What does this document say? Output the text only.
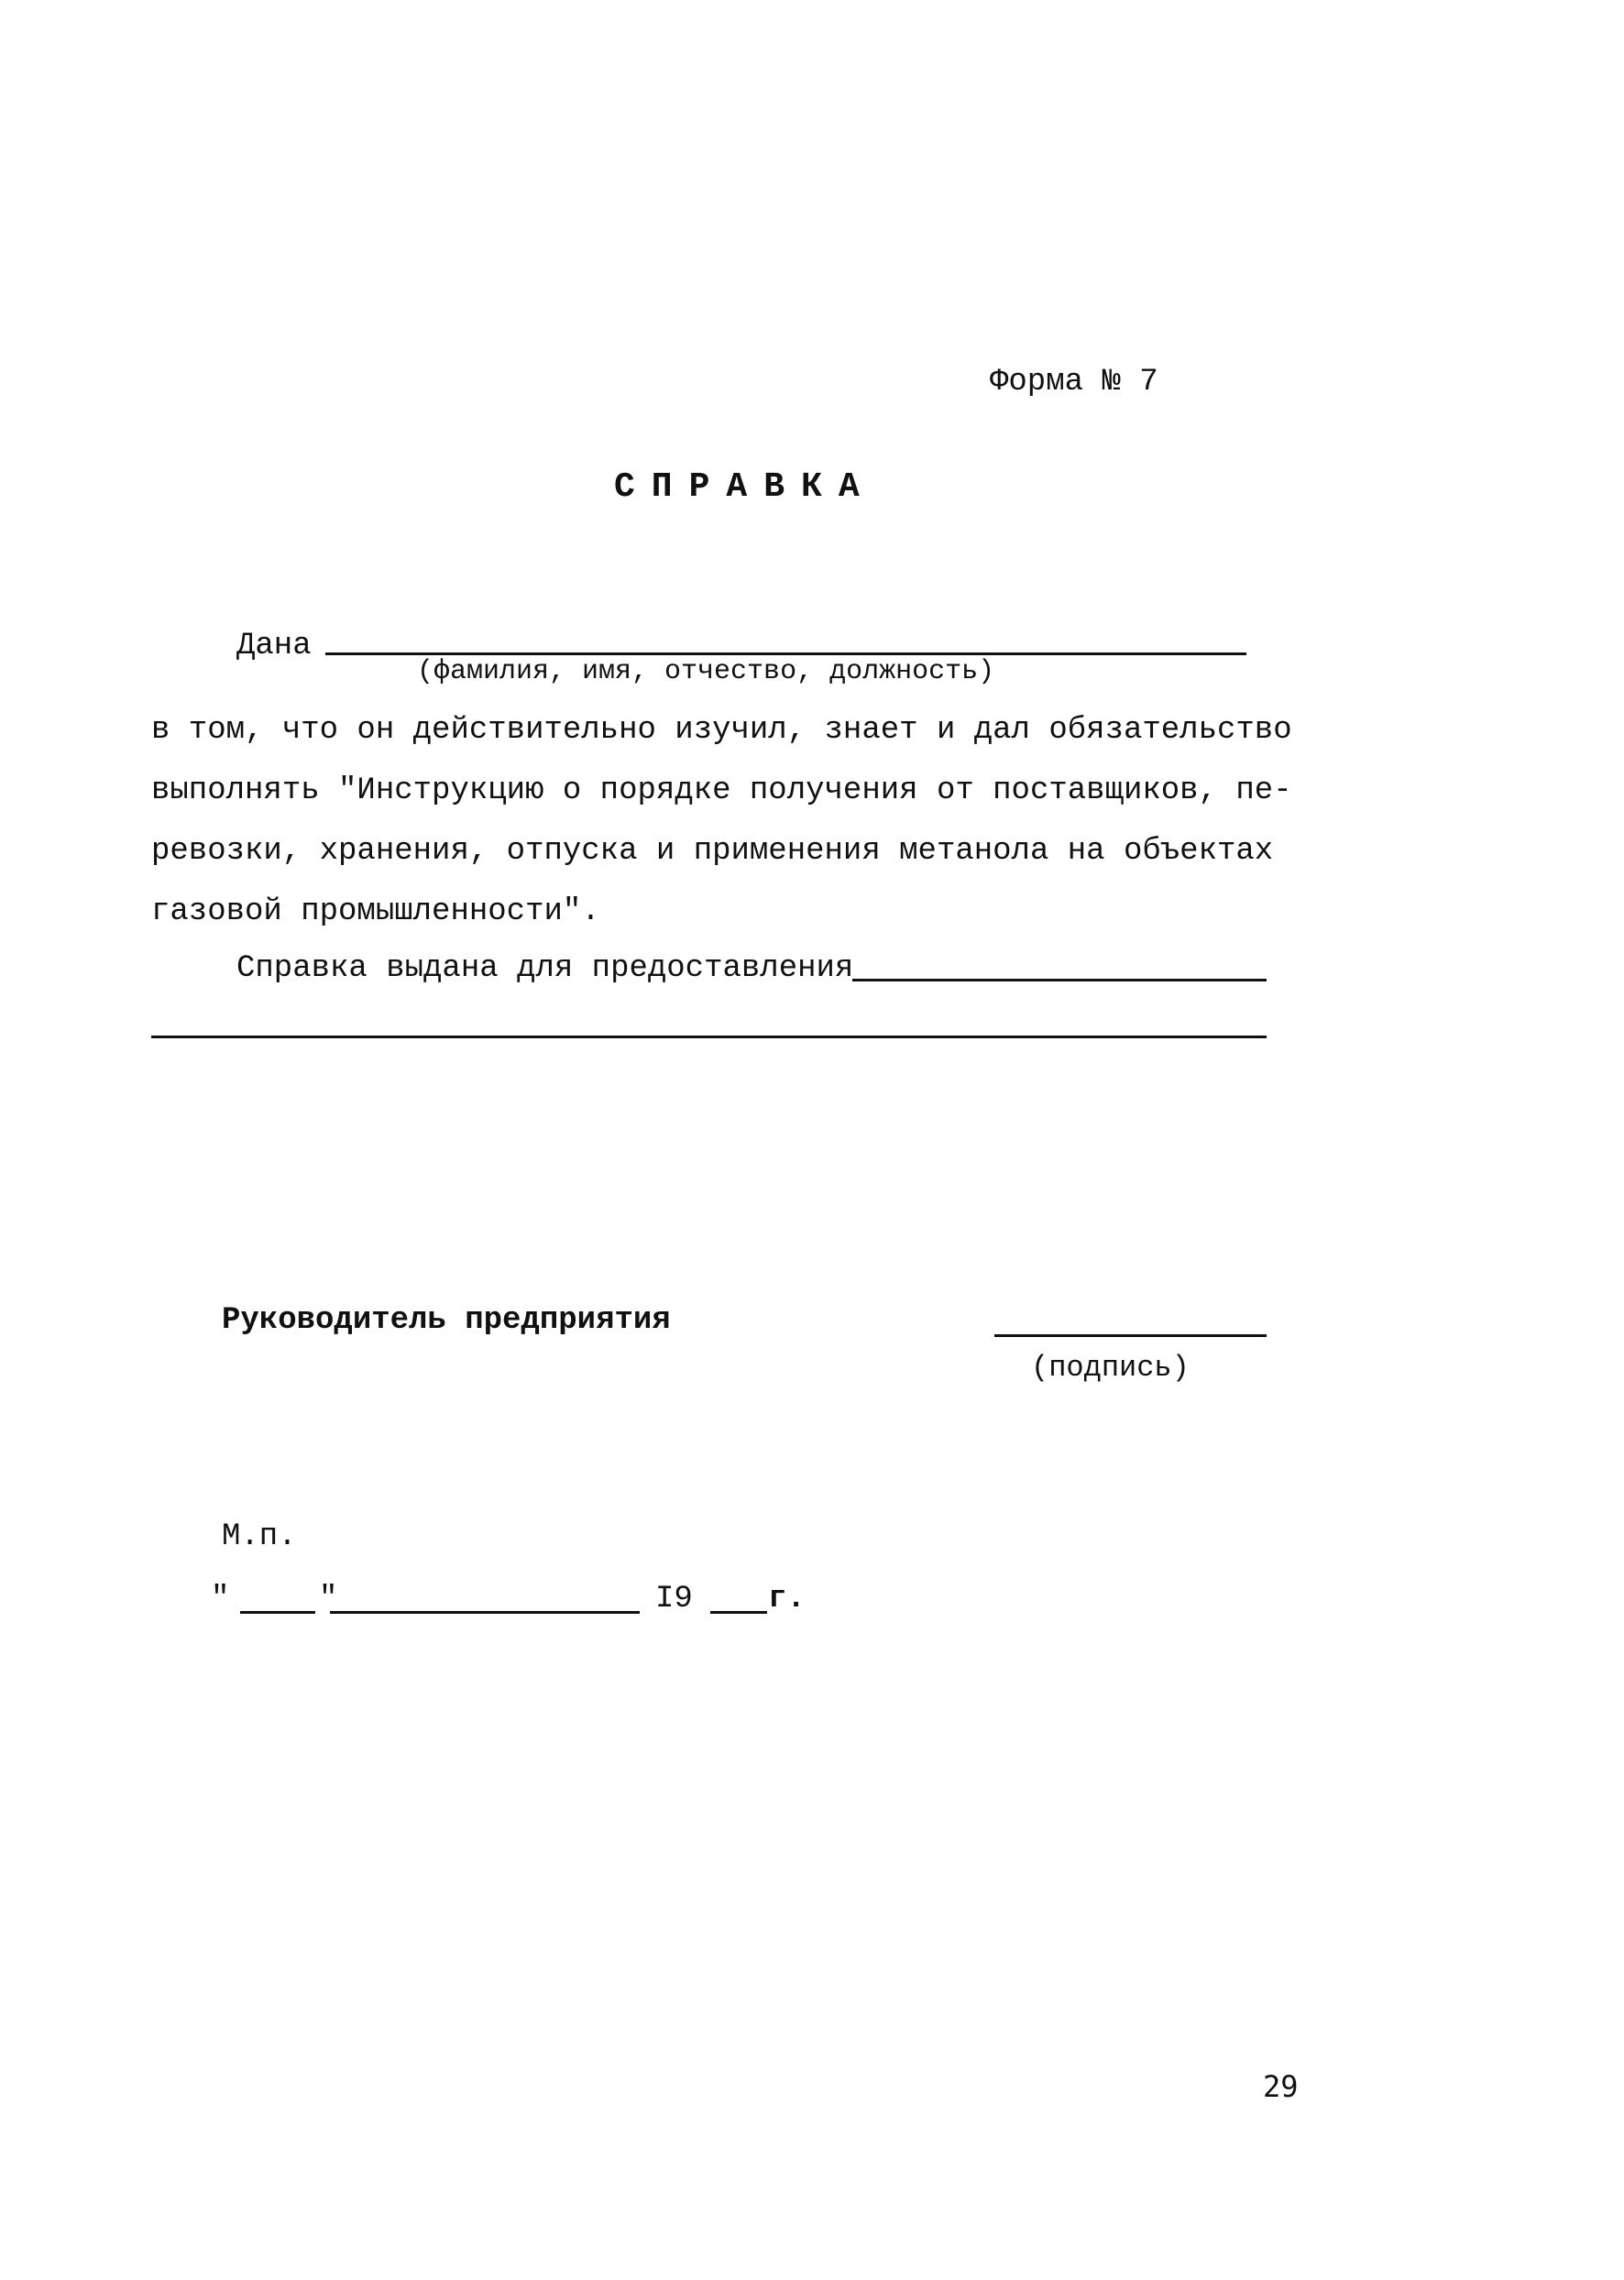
Форма № 7
СПРАВКА
Дана
(фамилия, имя, отчество, должность)
в том, что он действительно изучил, знает и дал обязательство
выполнять "Инструкцию о порядке получения от поставщиков, пе-
ревозки, хранения, отпуска и применения метанола на объектах
газовой промышленности".
Справка выдана для предоставления
Руководитель предприятия
(подпись)
М.п.
"	"	I9 г.
29
